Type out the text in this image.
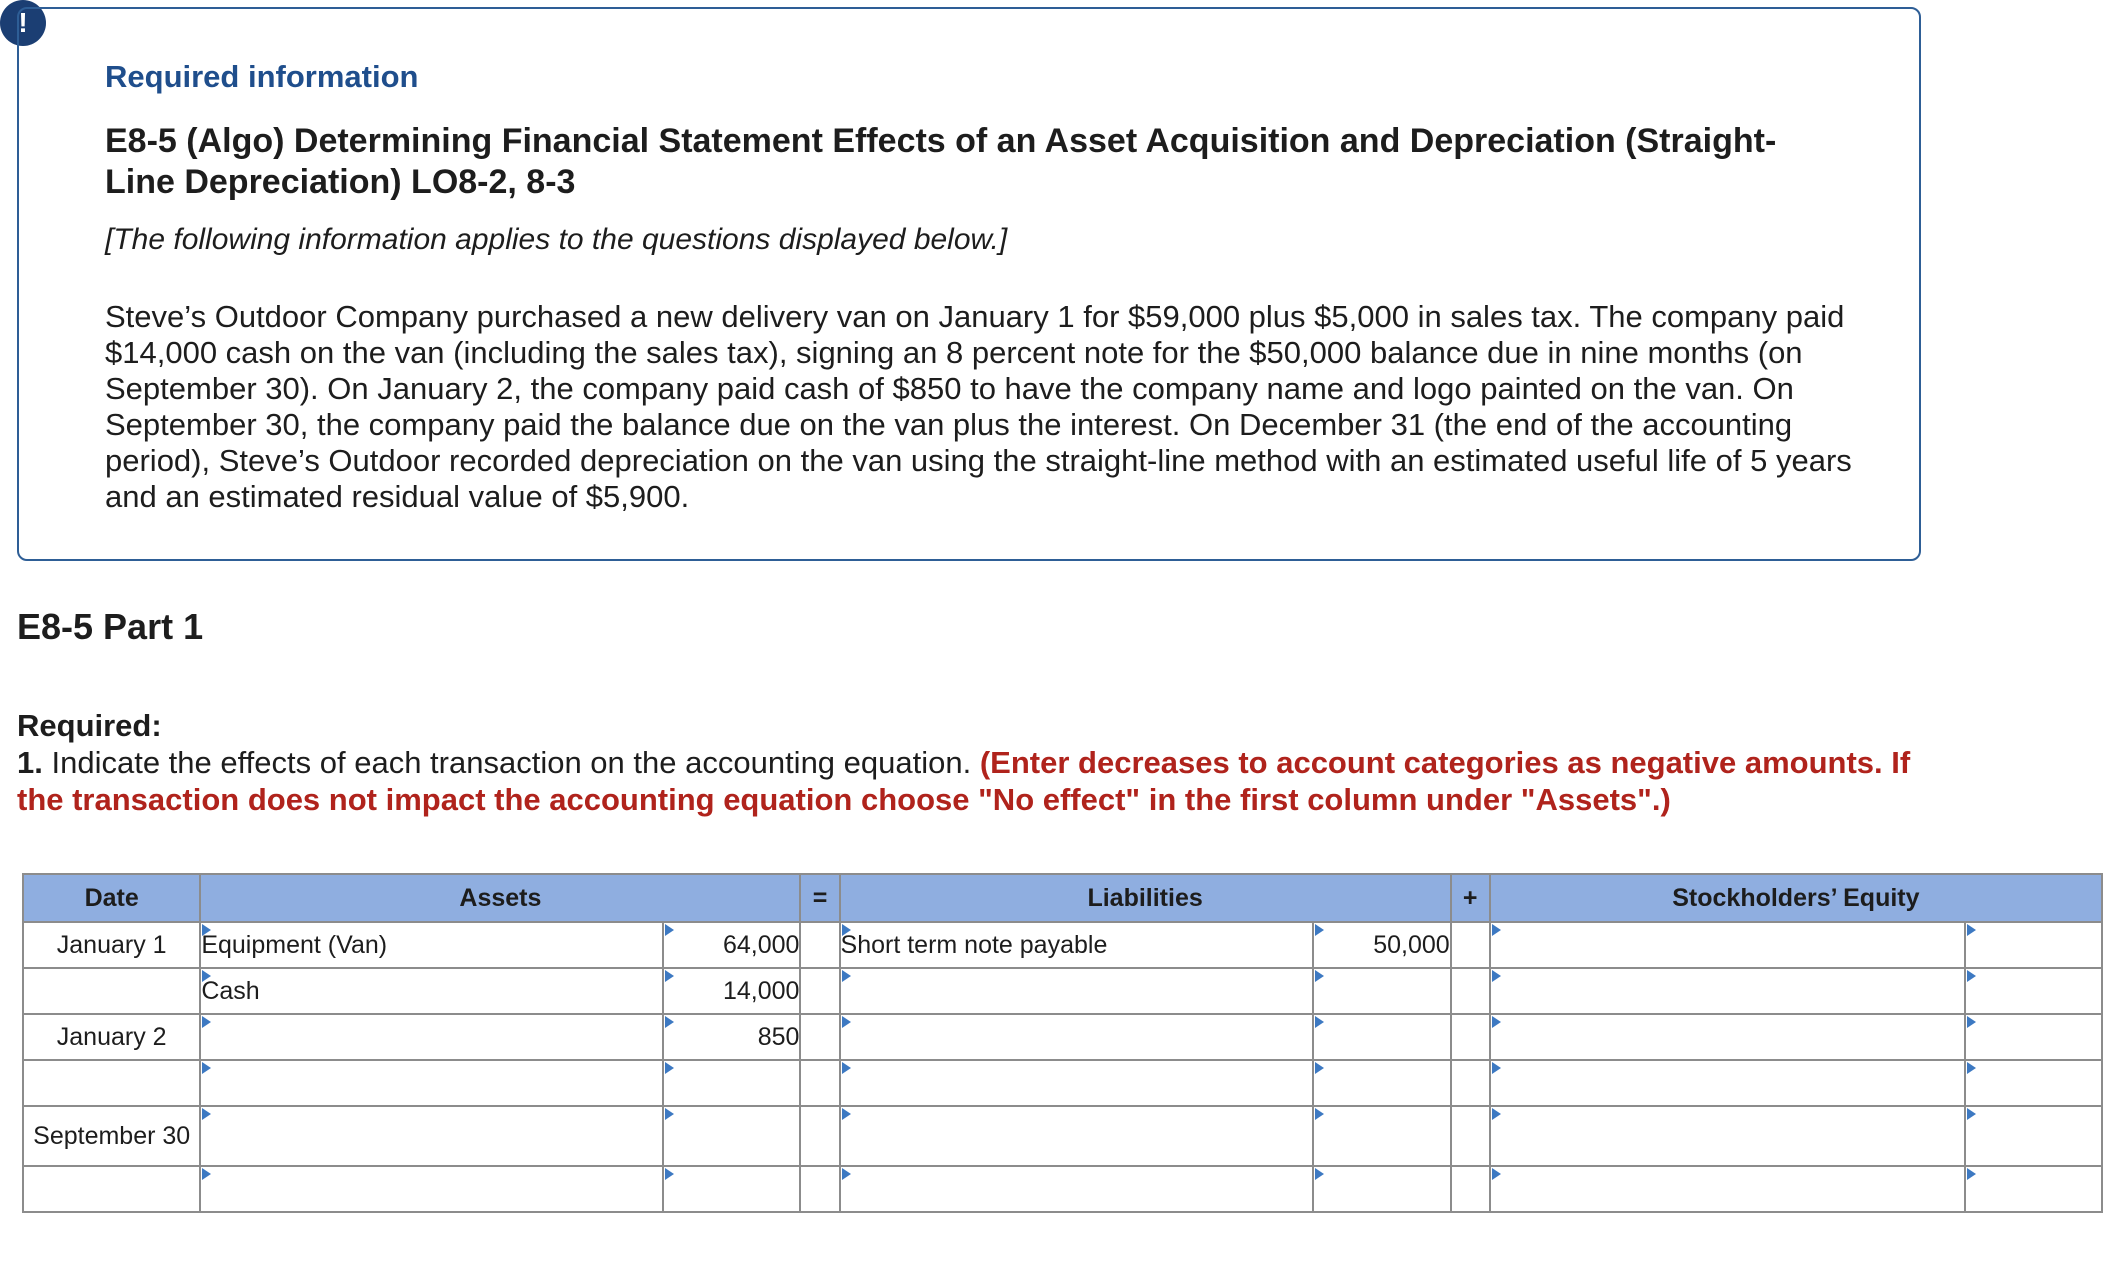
!
Required information
E8-5 (Algo) Determining Financial Statement Effects of an Asset Acquisition and Depreciation (Straight-
Line Depreciation) LO8-2, 8-3
[The following information applies to the questions displayed below.]
Steve’s Outdoor Company purchased a new delivery van on January 1 for $59,000 plus $5,000 in sales tax. The company paid $14,000 cash on the van (including the sales tax), signing an 8 percent note for the $50,000 balance due in nine months (on September 30). On January 2, the company paid cash of $850 to have the company name and logo painted on the van. On September 30, the company paid the balance due on the van plus the interest. On December 31 (the end of the accounting period), Steve’s Outdoor recorded depreciation on the van using the straight-line method with an estimated useful life of 5 years and an estimated residual value of $5,900.
E8-5 Part 1
Required:
1. Indicate the effects of each transaction on the accounting equation. (Enter decreases to account categories as negative amounts. If the transaction does not impact the accounting equation choose "No effect" in the first column under "Assets".)
Date	Assets		=	Liabilities		+	Stockholders’ Equity	
January 1	Equipment (Van)	64,000		Short term note payable	50,000			
	Cash	14,000						
January 2		850						

September 30								
